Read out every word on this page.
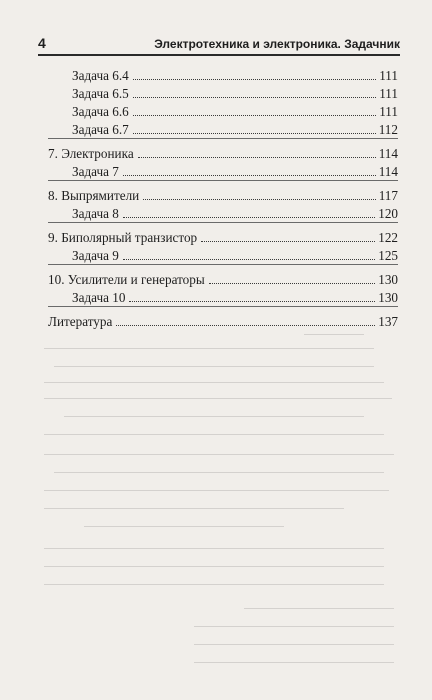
4	Электротехника и электроника. Задачник
Задача 6.4	111
Задача 6.5	111
Задача 6.6	111
Задача 6.7	112
7. Электроника	114
Задача 7	114
8. Выпрямители	117
Задача 8	120
9. Биполярный транзистор	122
Задача 9	125
10. Усилители и генераторы	130
Задача 10	130
Литература	137
